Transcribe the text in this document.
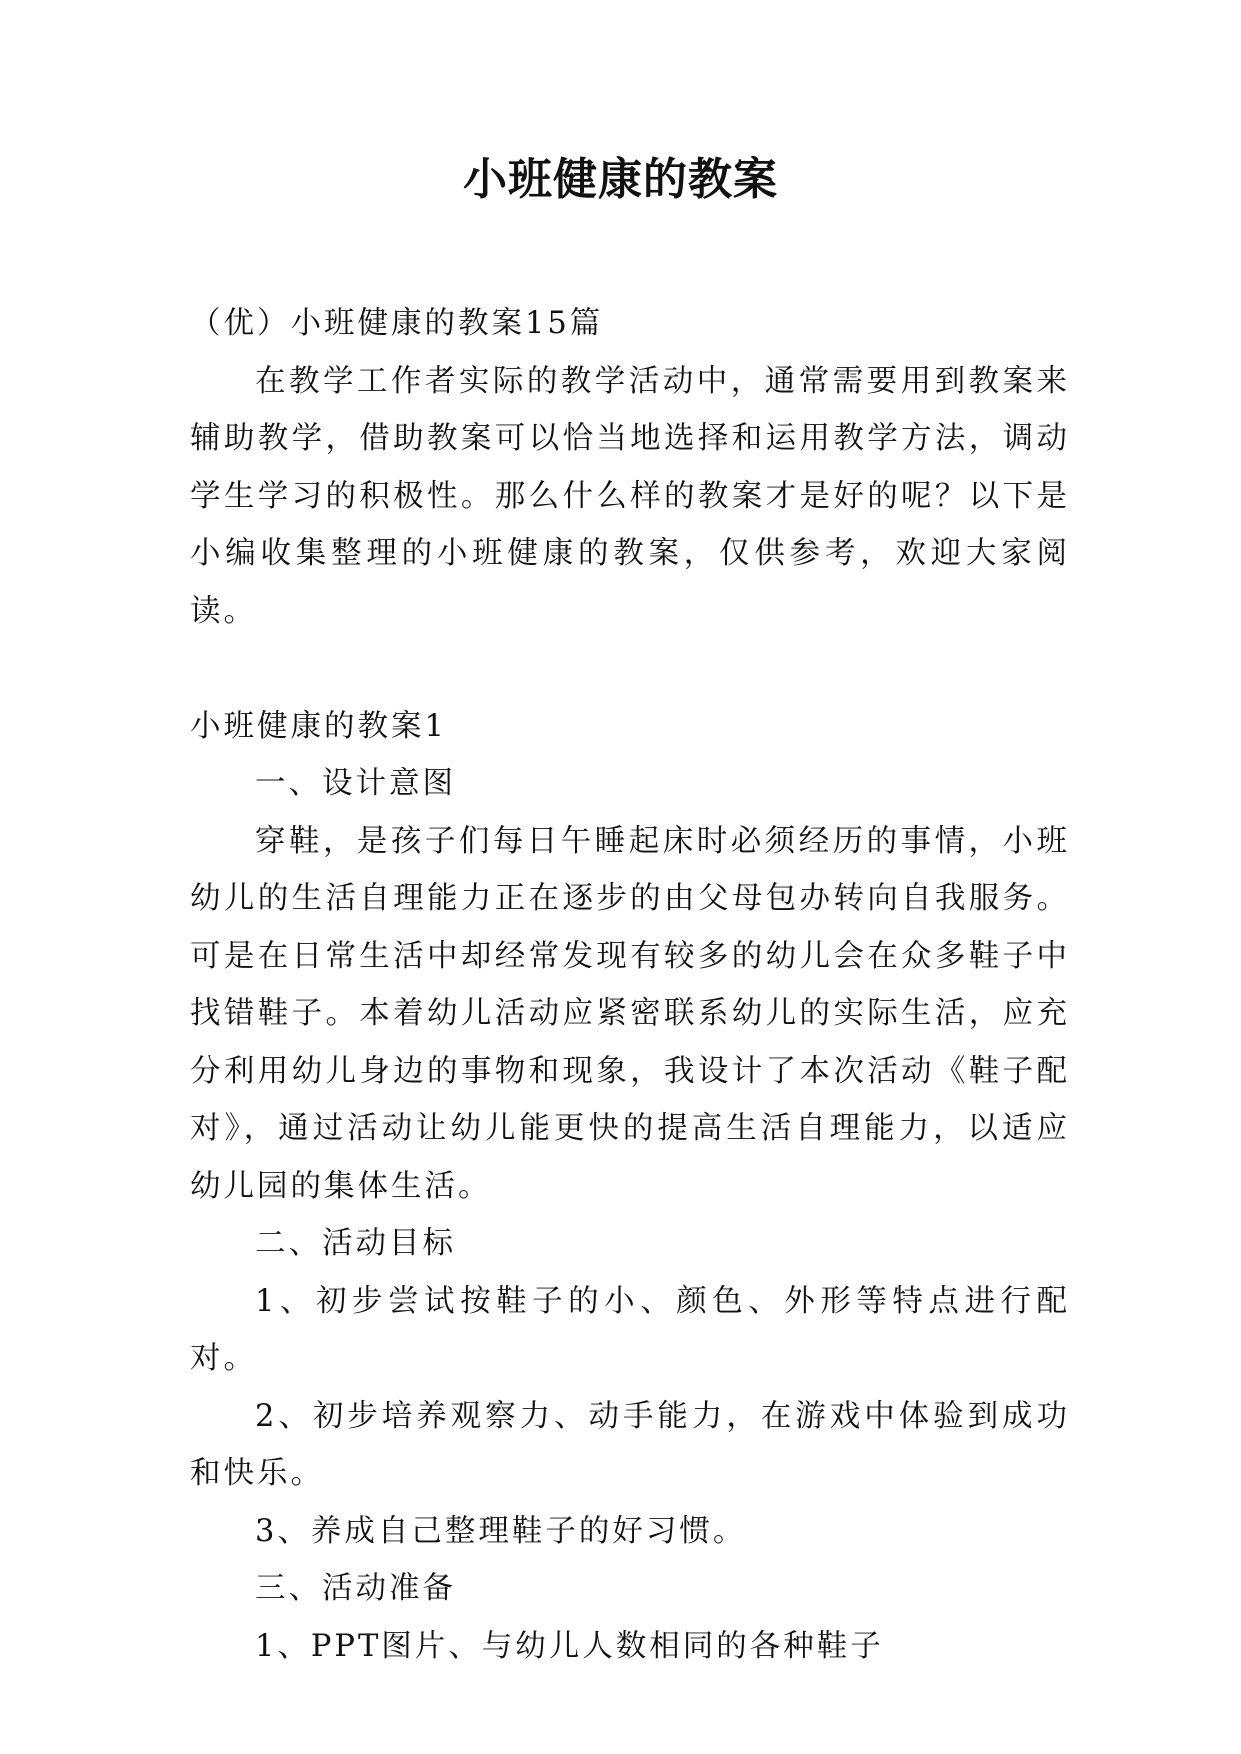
小班健康的教案

（优）小班健康的教案15篇

在教学工作者实际的教学活动中，通常需要用到教案来辅助教学，借助教案可以恰当地选择和运用教学方法，调动学生学习的积极性。那么什么样的教案才是好的呢？以下是小编收集整理的小班健康的教案，仅供参考，欢迎大家阅读。

小班健康的教案1

一、设计意图

穿鞋，是孩子们每日午睡起床时必须经历的事情，小班幼儿的生活自理能力正在逐步的由父母包办转向自我服务。可是在日常生活中却经常发现有较多的幼儿会在众多鞋子中找错鞋子。本着幼儿活动应紧密联系幼儿的实际生活，应充分利用幼儿身边的事物和现象，我设计了本次活动《鞋子配对》，通过活动让幼儿能更快的提高生活自理能力，以适应幼儿园的集体生活。

二、活动目标

1、初步尝试按鞋子的小、颜色、外形等特点进行配对。

2、初步培养观察力、动手能力，在游戏中体验到成功和快乐。

3、养成自己整理鞋子的好习惯。

三、活动准备

1、PPT图片、与幼儿人数相同的各种鞋子
